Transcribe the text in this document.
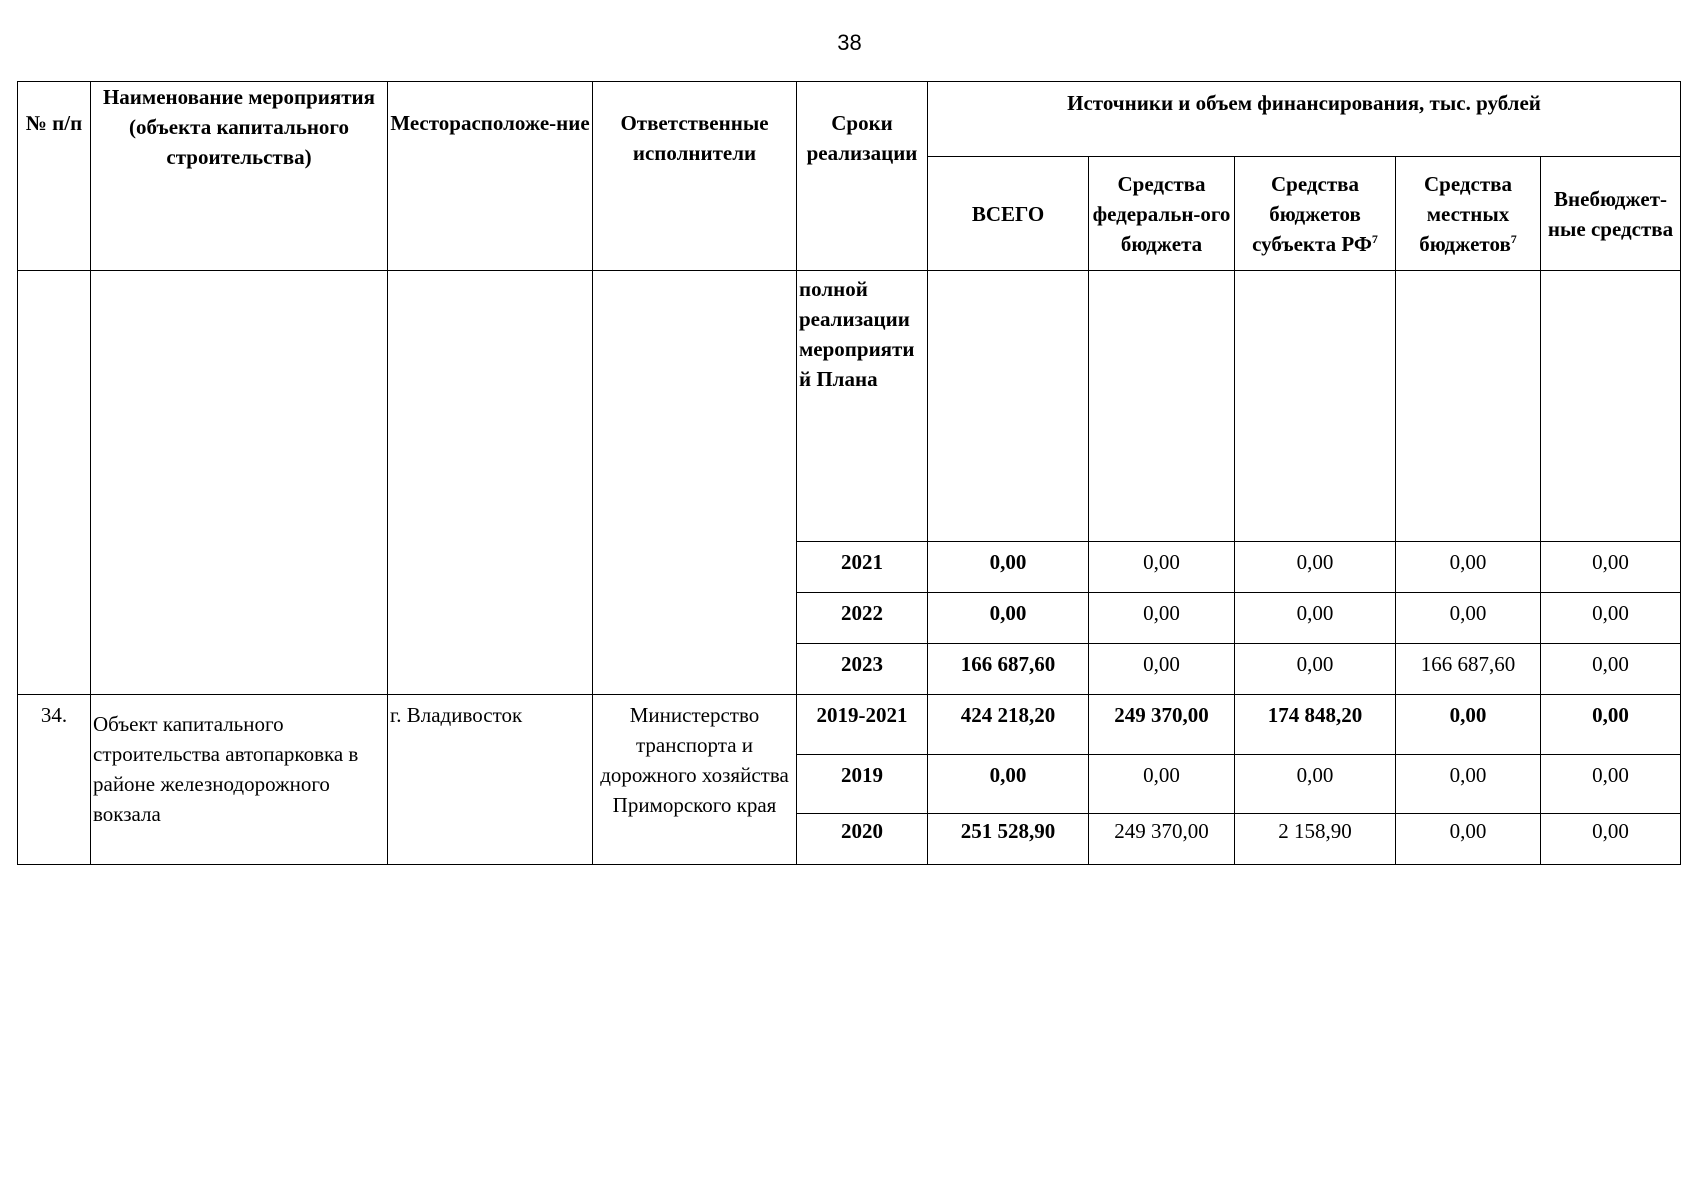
38
№ п/п	Наименование мероприятия (объекта капитального строительства)	Месторасположе-ние	Ответственные исполнители	Сроки реализации	Источники и объем финансирования, тыс. рублей				
					ВСЕГО	Средства федеральн-ого бюджета	Средства бюджетов субъекта $РФ^7$	Средства местных бюджетов$^7$	Внебюджет-ные средства
				полной реализации мероприяти й Плана					
				2021	0,00	0,00	0,00	0,00	0,00
				2022	0,00	0,00	0,00	0,00	0,00
				2023	166 687,60	0,00	0,00	166 687,60	0,00
34.	Объект капитального строительства автопарковка в районе железнодорожного вокзала	г. Владивосток	Министерство транспорта и дорожного хозяйства Приморского края	2019-2021	424 218,20	249 370,00	174 848,20	0,00	0,00
				2019	0,00	0,00	0,00	0,00	0,00
				2020	251 528,90	249 370,00	2 158,90	0,00	0,00
